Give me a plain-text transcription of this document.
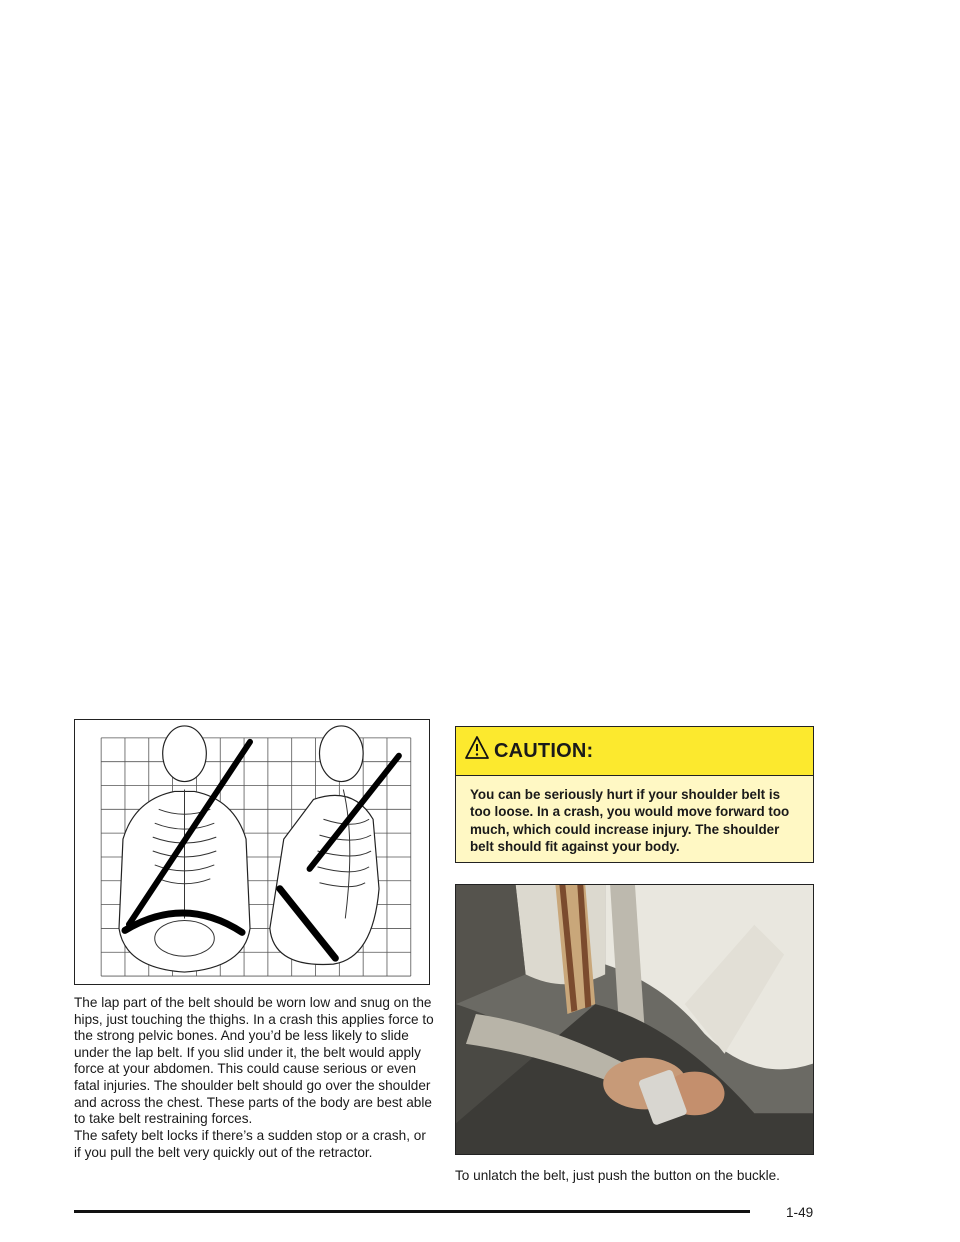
The lap part of the belt should be worn low and snug on the hips, just touching the thighs. In a crash this applies force to the strong pelvic bones. And you’d be less likely to slide under the lap belt. If you slid under it, the belt would apply force at your abdomen. This could cause serious or even fatal injuries. The shoulder belt should go over the shoulder and across the chest. These parts of the body are best able to take belt restraining forces.

The safety belt locks if there’s a sudden stop or a crash, or if you pull the belt very quickly out of the retractor.

CAUTION:
You can be seriously hurt if your shoulder belt is too loose. In a crash, you would move forward too much, which could increase injury. The shoulder belt should fit against your body.

To unlatch the belt, just push the button on the buckle.

1-49
